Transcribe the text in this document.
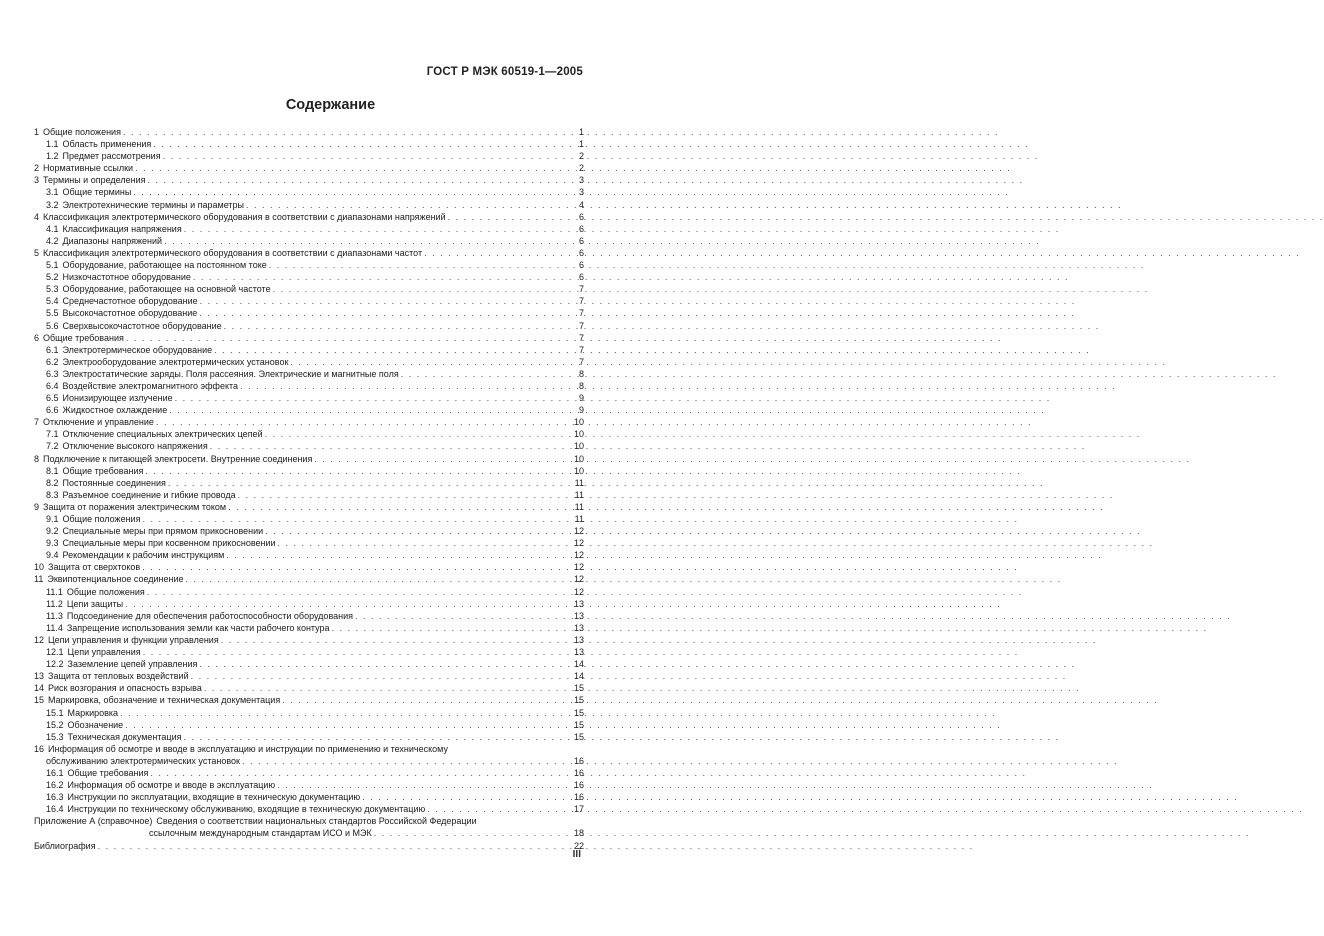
ГОСТ Р МЭК 60519-1—2005
Содержание
1 Общие положения . . .	1
1.1 Область применения . . .	1
1.2 Предмет рассмотрения . . .	2
2 Нормативные ссылки . . .	2
3 Термины и определения . . .	3
3.1 Общие термины . . .	3
3.2 Электротехнические термины и параметры . . .	4
4 Классификация электротермического оборудования в соответствии с диапазонами напряжений . . .	6
4.1 Классификация напряжения . . .	6
4.2 Диапазоны напряжений . . .	6
5 Классификация электротермического оборудования в соответствии с диапазонами частот . . .	6
5.1 Оборудование, работающее на постоянном токе . . .	6
5.2 Низкочастотное оборудование . . .	6
5.3 Оборудование, работающее на основной частоте . . .	7
5.4 Среднечастотное оборудование . . .	7
5.5 Высокочастотное оборудование . . .	7
5.6 Сверхвысокочастотное оборудование . . .	7
6 Общие требования . . .	7
6.1 Электротермическое оборудование . . .	7
6.2 Электрооборудование электротермических установок . . .	7
6.3 Электростатические заряды. Поля рассеяния. Электрические и магнитные поля . . .	8
6.4 Воздействие электромагнитного эффекта . . .	8
6.5 Ионизирующее излучение . . .	9
6.6 Жидкостное охлаждение . . .	9
7 Отключение и управление . . .	10
7.1 Отключение специальных электрических цепей . . .	10
7.2 Отключение высокого напряжения . . .	10
8 Подключение к питающей электросети. Внутренние соединения . . .	10
8.1 Общие требования . . .	10
8.2 Постоянные соединения . . .	11
8.3 Разъемное соединение и гибкие провода . . .	11
9 Защита от поражения электрическим током . . .	11
9.1 Общие положения . . .	11
9.2 Специальные меры при прямом прикосновении . . .	12
9.3 Специальные меры при косвенном прикосновении . . .	12
9.4 Рекомендации к рабочим инструкциям . . .	12
10 Защита от сверхтоков . . .	12
11 Эквипотенциальное соединение . . .	12
11.1 Общие положения . . .	12
11.2 Цепи защиты . . .	13
11.3 Подсоединение для обеспечения работоспособности оборудования . . .	13
11.4 Запрещение использования земли как части рабочего контура . . .	13
12 Цепи управления и функции управления . . .	13
12.1 Цепи управления . . .	13
12.2 Заземление цепей управления . . .	14
13 Защита от тепловых воздействий . . .	14
14 Риск возгорания и опасность взрыва . . .	15
15 Маркировка, обозначение и техническая документация . . .	15
15.1 Маркировка . . .	15
15.2 Обозначение . . .	15
15.3 Техническая документация . . .	15
16 Информация об осмотре и вводе в эксплуатацию и инструкции по применению и техническому
обслуживанию электротермических установок . . .	16
16.1 Общие требования . . .	16
16.2 Информация об осмотре и вводе в эксплуатацию . . .	16
16.3 Инструкции по эксплуатации, входящие в техническую документацию . . .	16
16.4 Инструкции по техническому обслуживанию, входящие в техническую документацию . . .	17
Приложение А (справочное) Сведения о соответствии национальных стандартов Российской Федерации
ссылочным международным стандартам ИСО и МЭК . . .	18
Библиография . . .	22
III
